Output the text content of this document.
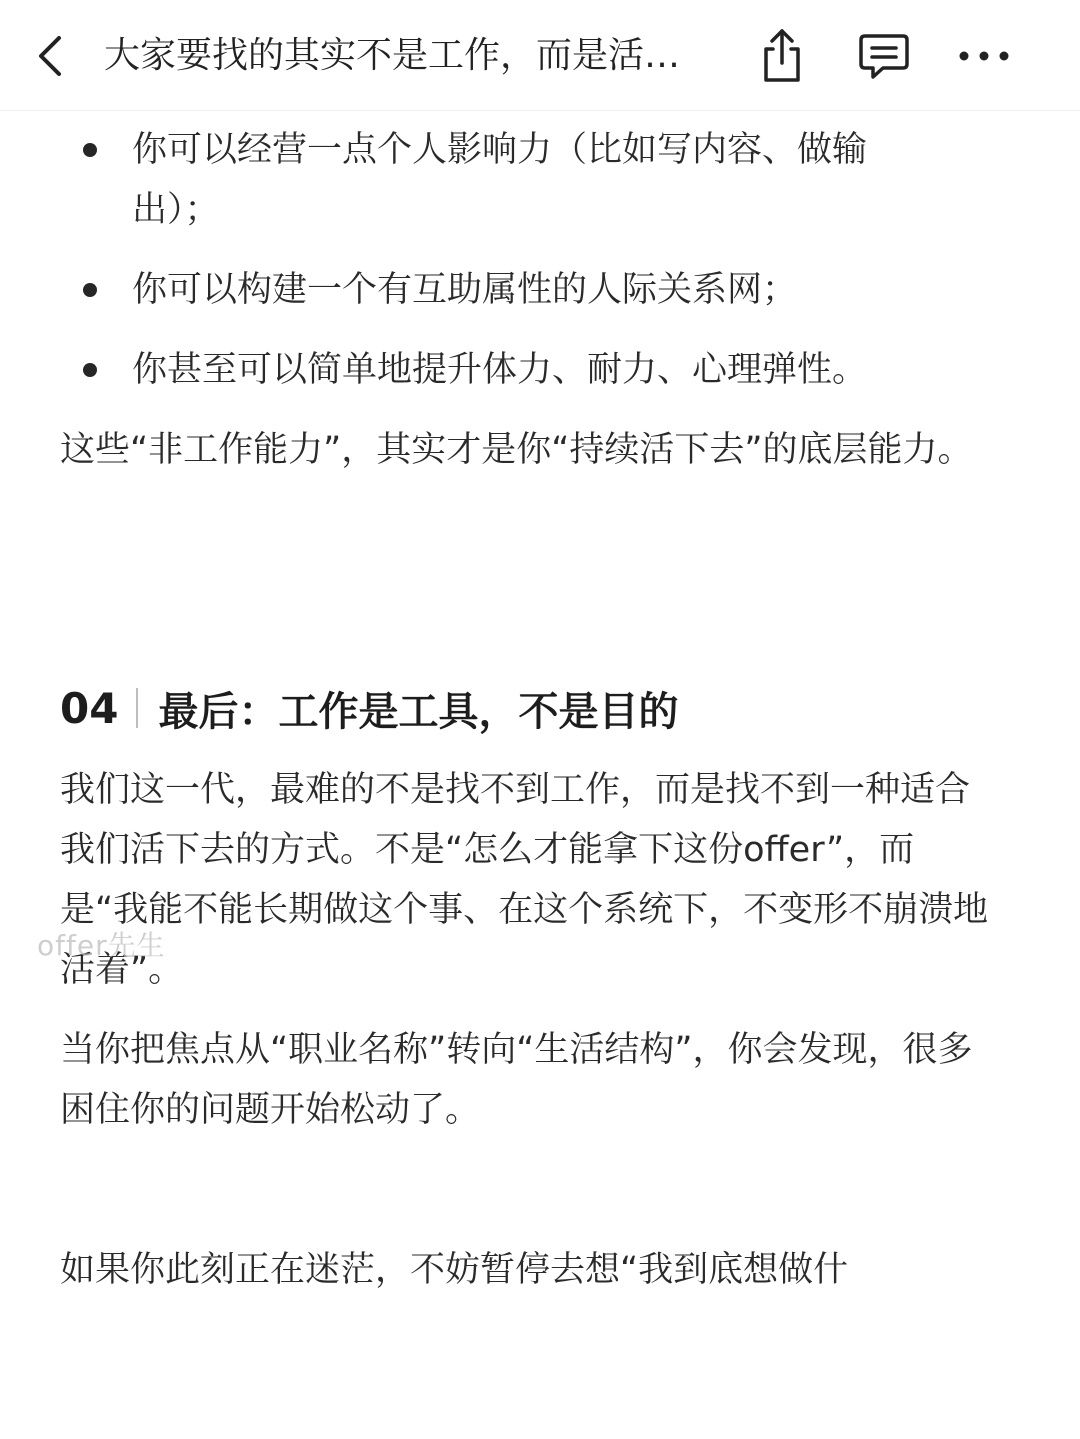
大家要找的其实不是工作，而是活…
你可以经营一点个人影响力（比如写内容、做输出）；
你可以构建一个有互助属性的人际关系网；
你甚至可以简单地提升体力、耐力、心理弹性。
这些“非工作能力”，其实才是你“持续活下去”的底层能力。
04 最后：工作是工具，不是目的
我们这一代，最难的不是找不到工作，而是找不到一种适合我们活下去的方式。不是“怎么才能拿下这份offer”，而是“我能不能长期做这个事、在这个系统下，不变形不崩溃地活着”。
当你把焦点从“职业名称”转向“生活结构”，你会发现，很多困住你的问题开始松动了。
如果你此刻正在迷茫，不妨暂停去想“我到底想做什
offer先生
